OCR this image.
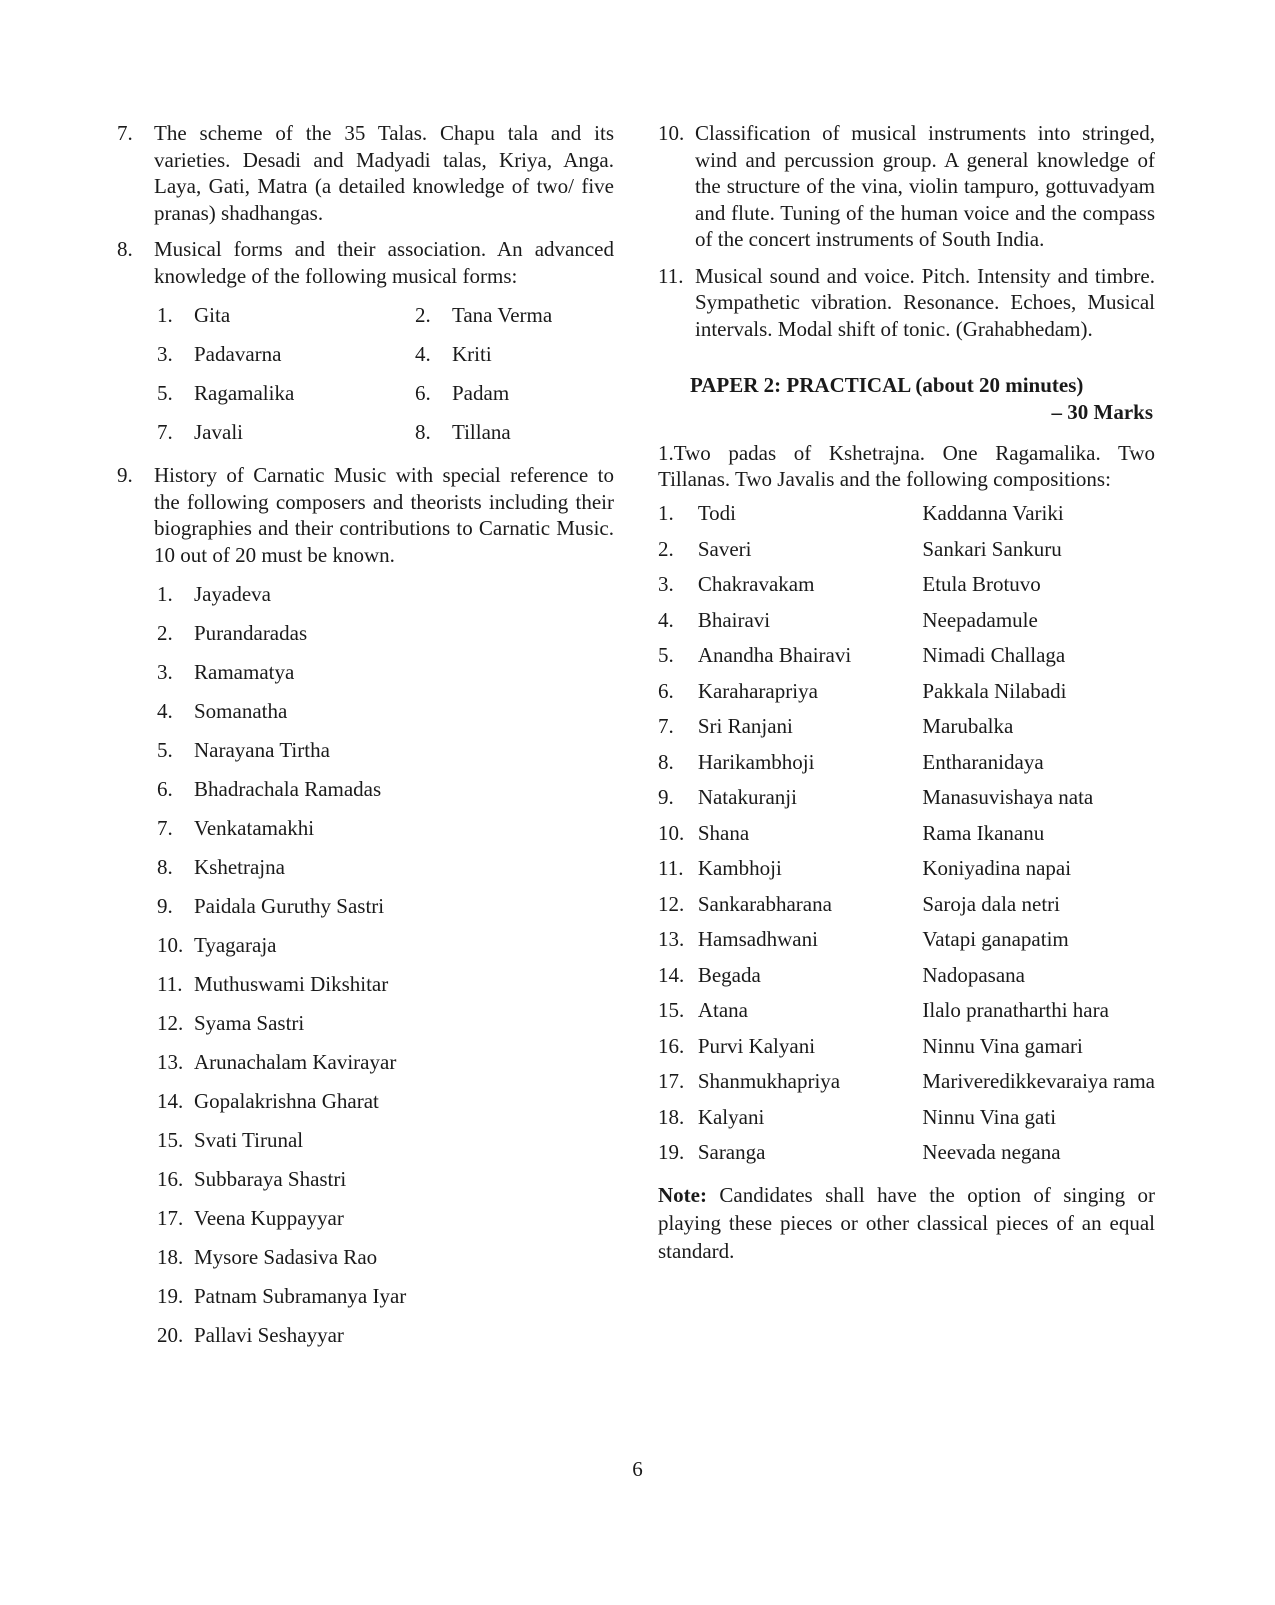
7.	The scheme of the 35 Talas. Chapu tala and its varieties. Desadi and Madyadi talas, Kriya, Anga. Laya, Gati, Matra (a detailed knowledge of two/ five pranas) shadhangas.
8.	Musical forms and their association. An advanced knowledge of the following musical forms:
1. Gita	2. Tana Verma
3. Padavarna	4. Kriti
5. Ragamalika	6. Padam
7. Javali	8. Tillana
9.	History of Carnatic Music with special reference to the following composers and theorists including their biographies and their contributions to Carnatic Music. 10 out of 20 must be known.
1. Jayadeva
2. Purandaradas
3. Ramamatya
4. Somanatha
5. Narayana Tirtha
6. Bhadrachala Ramadas
7. Venkatamakhi
8. Kshetrajna
9. Paidala Guruthy Sastri
10. Tyagaraja
11. Muthuswami Dikshitar
12. Syama Sastri
13. Arunachalam Kavirayar
14. Gopalakrishna Gharat
15. Svati Tirunal
16. Subbaraya Shastri
17. Veena Kuppayyar
18. Mysore Sadasiva Rao
19. Patnam Subramanya Iyar
20. Pallavi Seshayyar
10. Classification of musical instruments into stringed, wind and percussion group. A general knowledge of the structure of the vina, violin tampuro, gottuvadyam and flute. Tuning of the human voice and the compass of the concert instruments of South India.
11. Musical sound and voice. Pitch. Intensity and timbre. Sympathetic vibration. Resonance. Echoes, Musical intervals. Modal shift of tonic. (Grahabhedam).
PAPER 2: PRACTICAL (about 20 minutes)
– 30 Marks
1.Two padas of Kshetrajna. One Ragamalika. Two Tillanas. Two Javalis and the following compositions:
1.	Todi	Kaddanna Variki
2.	Saveri	Sankari Sankuru
3.	Chakravakam	Etula Brotuvo
4.	Bhairavi	Neepadamule
5.	Anandha Bhairavi	Nimadi Challaga
6.	Karaharapriya	Pakkala Nilabadi
7.	Sri Ranjani	Marubalka
8.	Harikambhoji	Entharanidaya
9.	Natakuranji	Manasuvishaya nata
10.	Shana	Rama Ikananu
11.	Kambhoji	Koniyadina napai
12.	Sankarabharana	Saroja dala netri
13.	Hamsadhwani	Vatapi ganapatim
14.	Begada	Nadopasana
15.	Atana	Ilalo pranatharthi hara
16.	Purvi Kalyani	Ninnu Vina gamari
17.	Shanmukhapriya	Mariveredikkevaraiya rama
18.	Kalyani	Ninnu Vina gati
19.	Saranga	Neevada negana
Note: Candidates shall have the option of singing or playing these pieces or other classical pieces of an equal standard.
6
